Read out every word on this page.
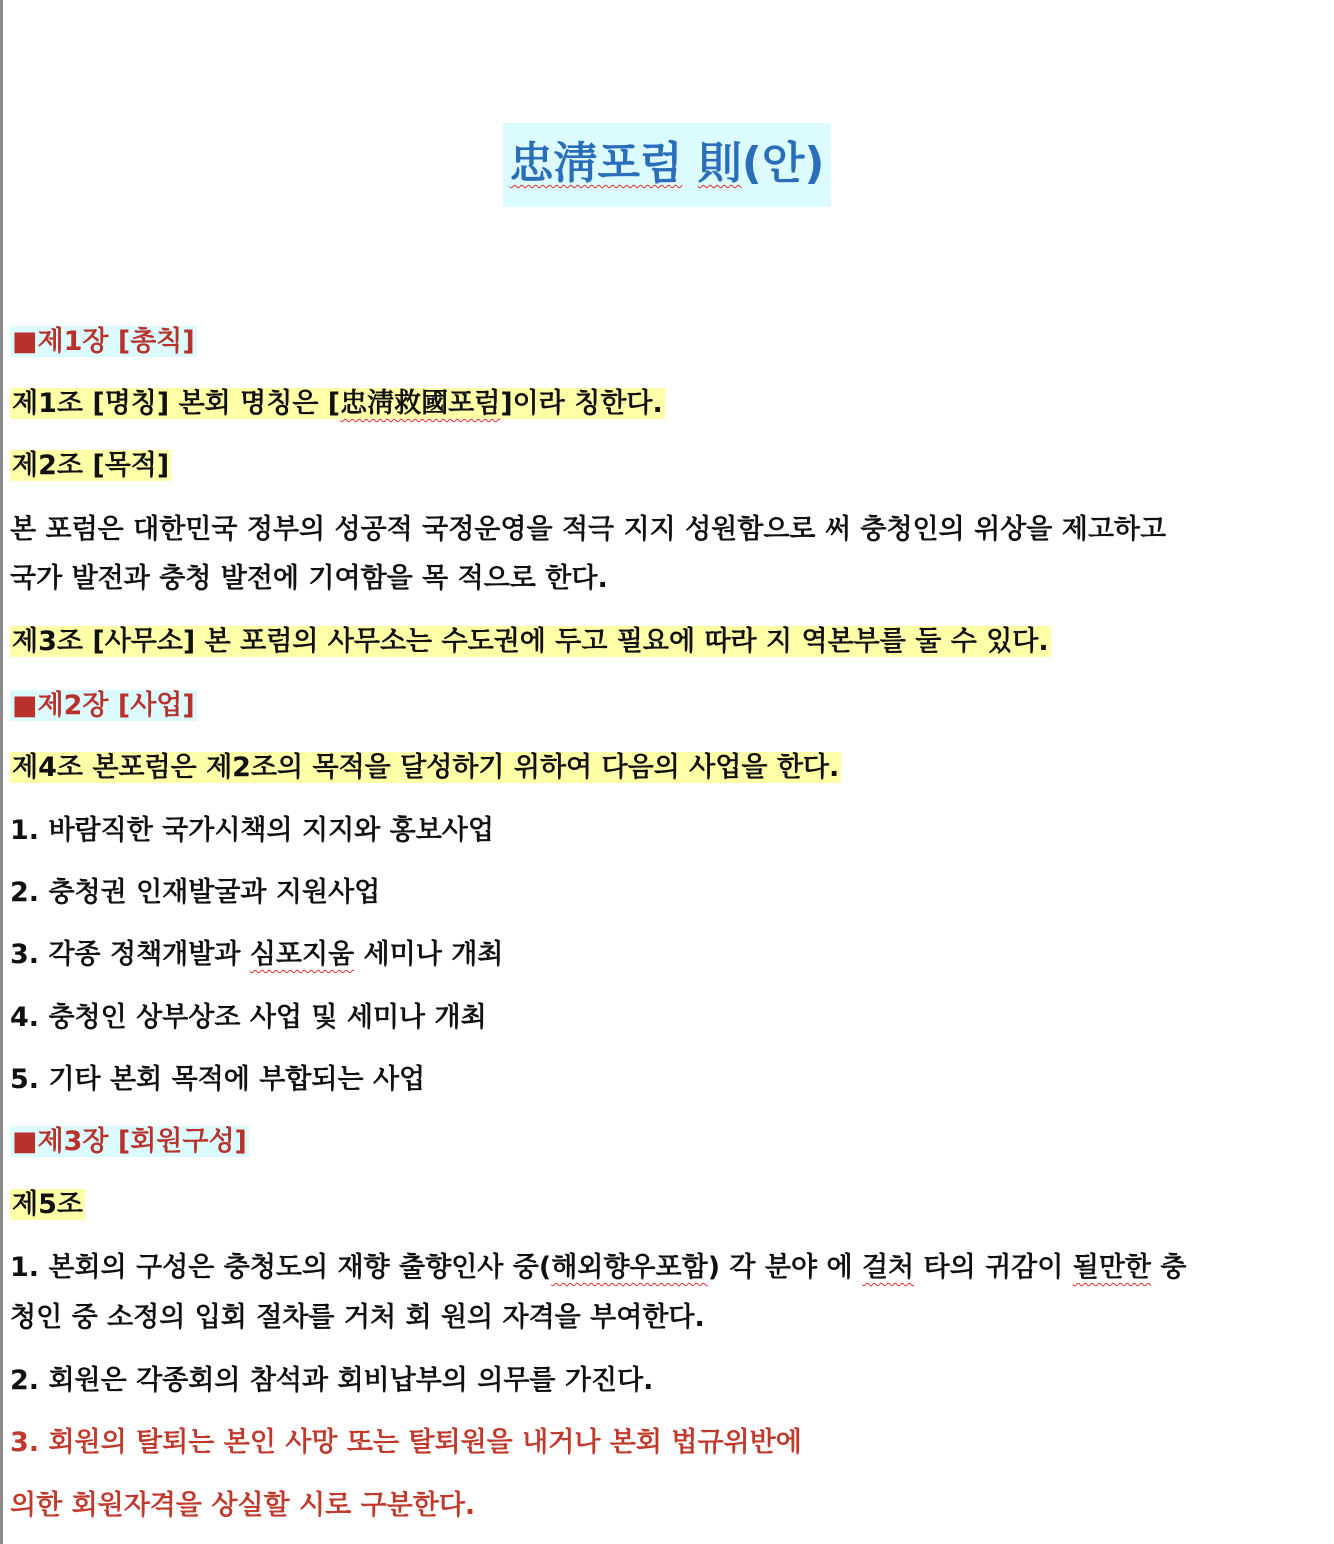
忠淸포럼 則(안)
■제1장 [총칙]
제1조 [명칭] 본회 명칭은 [忠淸救國포럼]이라 칭한다.
제2조 [목적]
본 포럼은 대한민국 정부의 성공적 국정운영을 적극 지지 성원함으로 써 충청인의 위상을 제고하고
국가 발전과 충청 발전에 기여함을 목 적으로 한다.
제3조 [사무소] 본 포럼의 사무소는 수도권에 두고 필요에 따라 지 역본부를 둘 수 있다.
■제2장 [사업]
제4조 본포럼은 제2조의 목적을 달성하기 위하여 다음의 사업을 한다.
1. 바람직한 국가시책의 지지와 홍보사업
2. 충청권 인재발굴과 지원사업
3. 각종 정책개발과 심포지움 세미나 개최
4. 충청인 상부상조 사업 및 세미나 개최
5. 기타 본회 목적에 부합되는 사업
■제3장 [회원구성]
제5조
1. 본회의 구성은 충청도의 재향 출향인사 중(해외향우포함) 각 분야 에 걸처 타의 귀감이 될만한 충
청인 중 소정의 입회 절차를 거처 회 원의 자격을 부여한다.
2. 회원은 각종회의 참석과 회비납부의 의무를 가진다.
3. 회원의 탈퇴는 본인 사망 또는 탈퇴원을 내거나 본회 법규위반에
의한 회원자격을 상실할 시로 구분한다.
